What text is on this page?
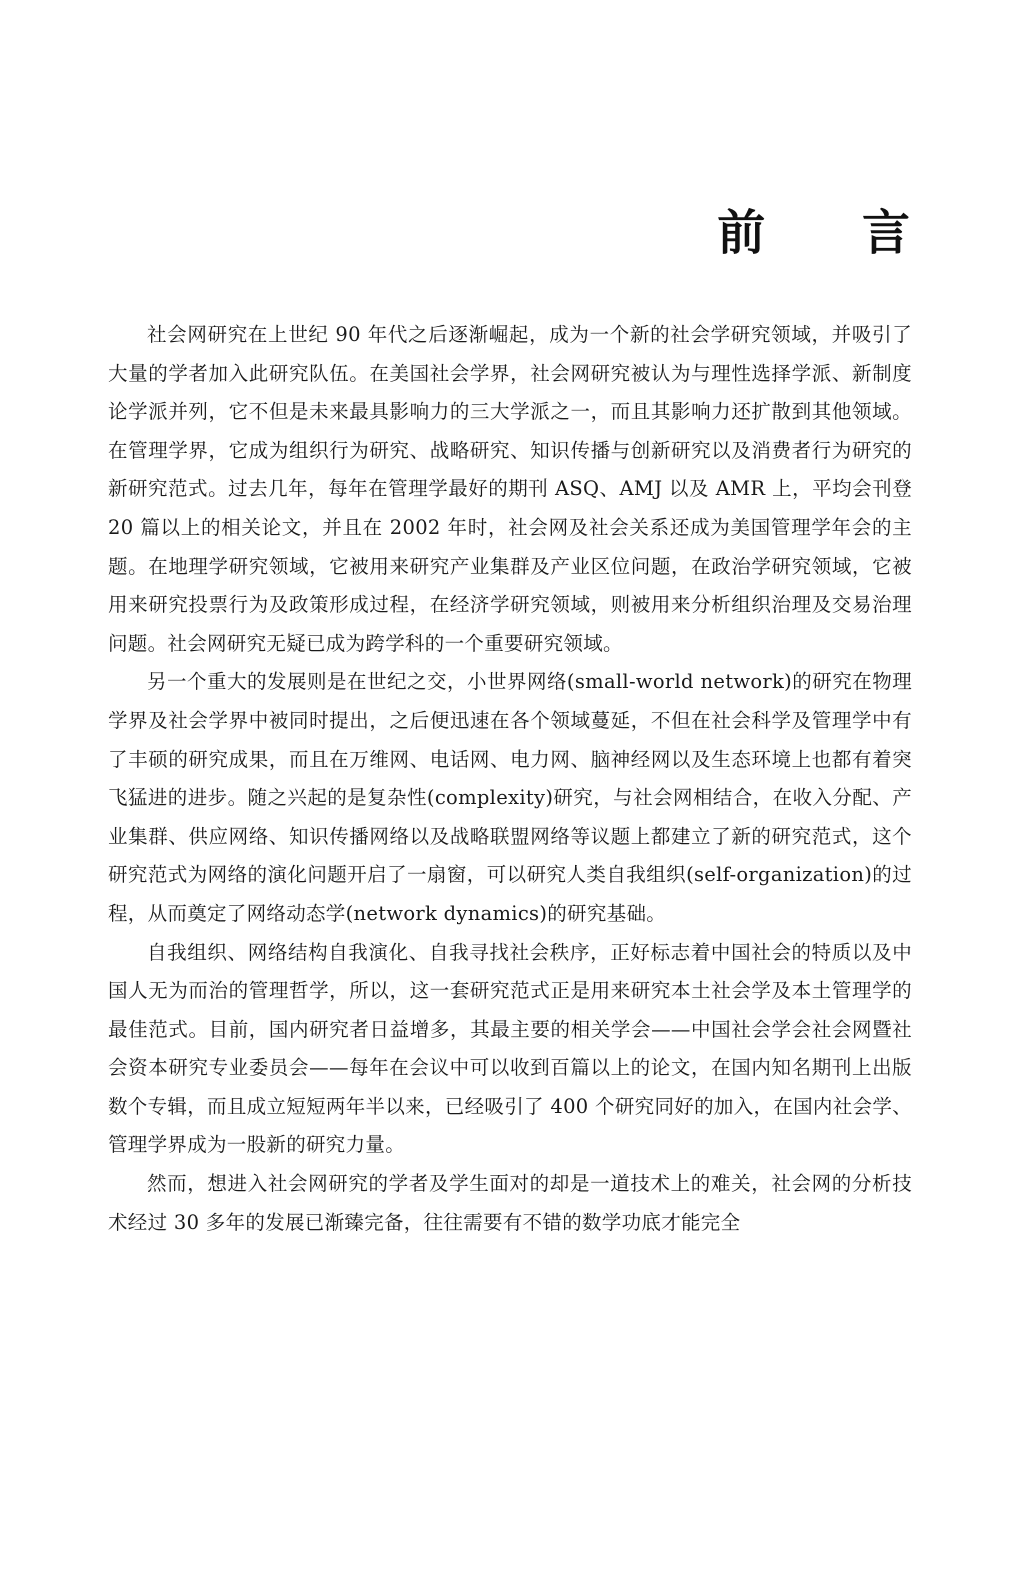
前 言

社会网研究在上世纪 90 年代之后逐渐崛起，成为一个新的社会学研究领域，并吸引了大量的学者加入此研究队伍。在美国社会学界，社会网研究被认为与理性选择学派、新制度论学派并列，它不但是未来最具影响力的三大学派之一，而且其影响力还扩散到其他领域。在管理学界，它成为组织行为研究、战略研究、知识传播与创新研究以及消费者行为研究的新研究范式。过去几年，每年在管理学最好的期刊 ASQ、AMJ 以及 AMR 上，平均会刊登 20 篇以上的相关论文，并且在 2002 年时，社会网及社会关系还成为美国管理学年会的主题。在地理学研究领域，它被用来研究产业集群及产业区位问题，在政治学研究领域，它被用来研究投票行为及政策形成过程，在经济学研究领域，则被用来分析组织治理及交易治理问题。社会网研究无疑已成为跨学科的一个重要研究领域。

另一个重大的发展则是在世纪之交，小世界网络(small-world network)的研究在物理学界及社会学界中被同时提出，之后便迅速在各个领域蔓延，不但在社会科学及管理学中有了丰硕的研究成果，而且在万维网、电话网、电力网、脑神经网以及生态环境上也都有着突飞猛进的进步。随之兴起的是复杂性(complexity)研究，与社会网相结合，在收入分配、产业集群、供应网络、知识传播网络以及战略联盟网络等议题上都建立了新的研究范式，这个研究范式为网络的演化问题开启了一扇窗，可以研究人类自我组织(self-organization)的过程，从而奠定了网络动态学(network dynamics)的研究基础。

自我组织、网络结构自我演化、自我寻找社会秩序，正好标志着中国社会的特质以及中国人无为而治的管理哲学，所以，这一套研究范式正是用来研究本土社会学及本土管理学的最佳范式。目前，国内研究者日益增多，其最主要的相关学会——中国社会学会社会网暨社会资本研究专业委员会——每年在会议中可以收到百篇以上的论文，在国内知名期刊上出版数个专辑，而且成立短短两年半以来，已经吸引了 400 个研究同好的加入，在国内社会学、管理学界成为一股新的研究力量。

然而，想进入社会网研究的学者及学生面对的却是一道技术上的难关，社会网的分析技术经过 30 多年的发展已渐臻完备，往往需要有不错的数学功底才能完全
